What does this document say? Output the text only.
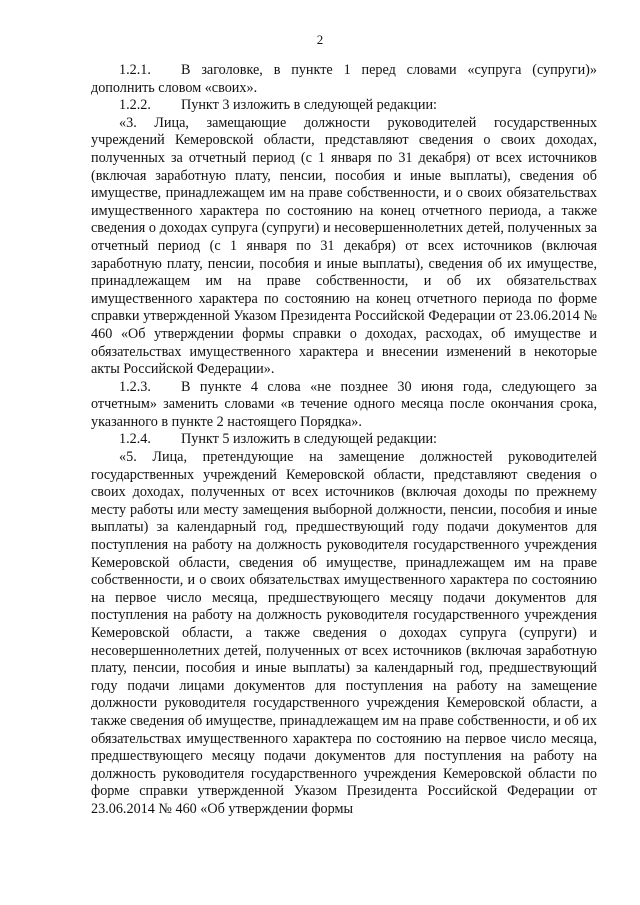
2

1.2.1. В заголовке, в пункте 1 перед словами «супруга (супруги)» дополнить словом «своих».

1.2.2. Пункт 3 изложить в следующей редакции:

«3. Лица, замещающие должности руководителей государственных учреждений Кемеровской области, представляют сведения о своих доходах, полученных за отчетный период (с 1 января по 31 декабря) от всех источников (включая заработную плату, пенсии, пособия и иные выплаты), сведения об имуществе, принадлежащем им на праве собственности, и о своих обязательствах имущественного характера по состоянию на конец отчетного периода, а также сведения о доходах супруга (супруги) и несовершеннолетних детей, полученных за отчетный период (с 1 января по 31 декабря) от всех источников (включая заработную плату, пенсии, пособия и иные выплаты), сведения об их имуществе, принадлежащем им на праве собственности, и об их обязательствах имущественного характера по состоянию на конец отчетного периода по форме справки утвержденной Указом Президента Российской Федерации от 23.06.2014 № 460 «Об утверждении формы справки о доходах, расходах, об имуществе и обязательствах имущественного характера и внесении изменений в некоторые акты Российской Федерации».

1.2.3. В пункте 4 слова «не позднее 30 июня года, следующего за отчетным» заменить словами «в течение одного месяца после окончания срока, указанного в пункте 2 настоящего Порядка».

1.2.4. Пункт 5 изложить в следующей редакции:

«5. Лица, претендующие на замещение должностей руководителей государственных учреждений Кемеровской области, представляют сведения о своих доходах, полученных от всех источников (включая доходы по прежнему месту работы или месту замещения выборной должности, пенсии, пособия и иные выплаты) за календарный год, предшествующий году подачи документов для поступления на работу на должность руководителя государственного учреждения Кемеровской области, сведения об имуществе, принадлежащем им на праве собственности, и о своих обязательствах имущественного характера по состоянию на первое число месяца, предшествующего месяцу подачи документов для поступления на работу на должность руководителя государственного учреждения Кемеровской области, а также сведения о доходах супруга (супруги) и несовершеннолетних детей, полученных от всех источников (включая заработную плату, пенсии, пособия и иные выплаты) за календарный год, предшествующий году подачи лицами документов для поступления на работу на замещение должности руководителя государственного учреждения Кемеровской области, а также сведения об имуществе, принадлежащем им на праве собственности, и об их обязательствах имущественного характера по состоянию на первое число месяца, предшествующего месяцу подачи документов для поступления на работу на должность руководителя государственного учреждения Кемеровской области по форме справки утвержденной Указом Президента Российской Федерации от 23.06.2014 № 460 «Об утверждении формы
